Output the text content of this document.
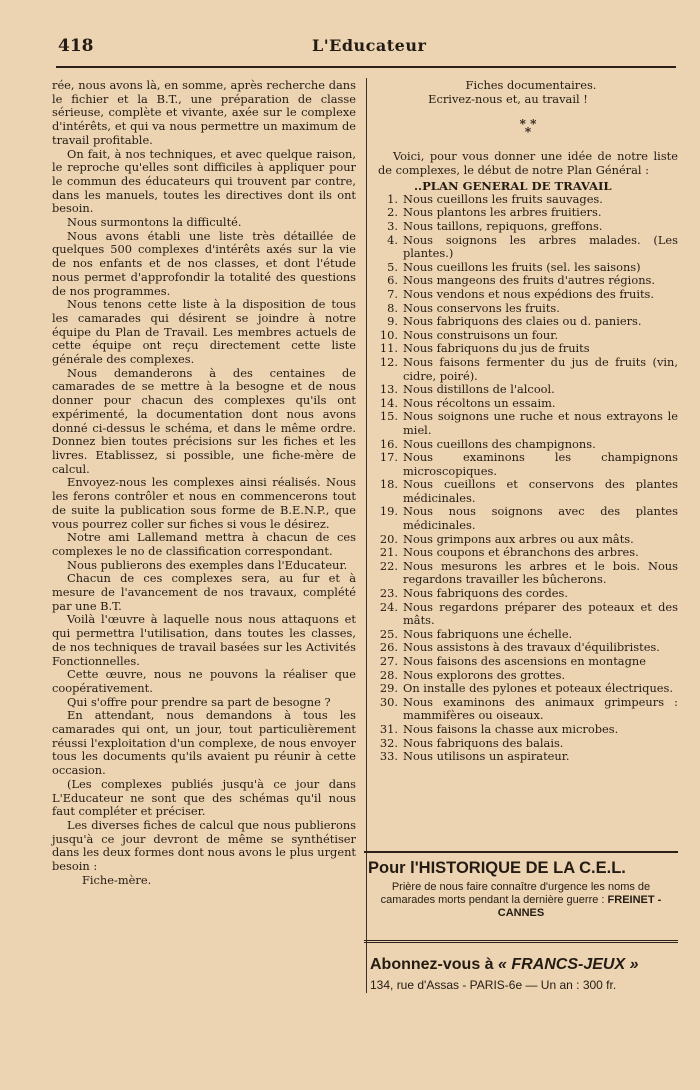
418	L'Educateur

rée, nous avons là, en somme, après recherche dans le fichier et la B.T., une préparation de classe sérieuse, complète et vivante, axée sur le complexe d'intérêts, et qui va nous permettre un maximum de travail profitable.

On fait, à nos techniques, et avec quelque raison, le reproche qu'elles sont difficiles à appliquer pour le commun des éducateurs qui trouvent par contre, dans les manuels, toutes les directives dont ils ont besoin.

Nous surmontons la difficulté.

Nous avons établi une liste très détaillée de quelques 500 complexes d'intérêts axés sur la vie de nos enfants et de nos classes, et dont l'étude nous permet d'approfondir la totalité des questions de nos programmes.

Nous tenons cette liste à la disposition de tous les camarades qui désirent se joindre à notre équipe du Plan de Travail. Les membres actuels de cette équipe ont reçu directement cette liste générale des complexes.

Nous demanderons à des centaines de camarades de se mettre à la besogne et de nous donner pour chacun des complexes qu'ils ont expérimenté, la documentation dont nous avons donné ci-dessus le schéma, et dans le même ordre. Donnez bien toutes précisions sur les fiches et les livres. Etablissez, si possible, une fiche-mère de calcul.

Envoyez-nous les complexes ainsi réalisés. Nous les ferons contrôler et nous en commencerons tout de suite la publication sous forme de B.E.N.P., que vous pourrez coller sur fiches si vous le désirez.

Notre ami Lallemand mettra à chacun de ces complexes le no de classification correspondant.

Nous publierons des exemples dans l'Educateur.

Chacun de ces complexes sera, au fur et à mesure de l'avancement de nos travaux, complété par une B.T.

Voilà l'œuvre à laquelle nous nous attaquons et qui permettra l'utilisation, dans toutes les classes, de nos techniques de travail basées sur les Activités Fonctionnelles.

Cette œuvre, nous ne pouvons la réaliser que coopérativement.

Qui s'offre pour prendre sa part de besogne ?

En attendant, nous demandons à tous les camarades qui ont, un jour, tout particulièrement réussi l'exploitation d'un complexe, de nous envoyer tous les documents qu'ils avaient pu réunir à cette occasion.

(Les complexes publiés jusqu'à ce jour dans L'Educateur ne sont que des schémas qu'il nous faut compléter et préciser.

Les diverses fiches de calcul que nous publierons jusqu'à ce jour devront de même se synthétiser dans les deux formes dont nous avons le plus urgent besoin :

Fiche-mère.

Fiches documentaires.

Ecrivez-nous et, au travail !

* *
*

Voici, pour vous donner une idée de notre liste de complexes, le début de notre Plan Général :

..PLAN GENERAL DE TRAVAIL
1. Nous cueillons les fruits sauvages.
2. Nous plantons les arbres fruitiers.
3. Nous taillons, repiquons, greffons.
4. Nous soignons les arbres malades. (Les plantes.)
5. Nous cueillons les fruits (sel. les saisons)
6. Nous mangeons des fruits d'autres régions.
7. Nous vendons et nous expédions des fruits.
8. Nous conservons les fruits.
9. Nous fabriquons des claies ou d. paniers.
10. Nous construisons un four.
11. Nous fabriquons du jus de fruits
12. Nous faisons fermenter du jus de fruits (vin, cidre, poiré).
13. Nous distillons de l'alcool.
14. Nous récoltons un essaim.
15. Nous soignons une ruche et nous extrayons le miel.
16. Nous cueillons des champignons.
17. Nous examinons les champignons microscopiques.
18. Nous cueillons et conservons des plantes médicinales.
19. Nous nous soignons avec des plantes médicinales.
20. Nous grimpons aux arbres ou aux mâts.
21. Nous coupons et ébranchons des arbres.
22. Nous mesurons les arbres et le bois. Nous regardons travailler les bûcherons.
23. Nous fabriquons des cordes.
24. Nous regardons préparer des poteaux et des mâts.
25. Nous fabriquons une échelle.
26. Nous assistons à des travaux d'équilibristes.
27. Nous faisons des ascensions en montagne
28. Nous explorons des grottes.
29. On installe des pylones et poteaux électriques.
30. Nous examinons des animaux grimpeurs : mammifères ou oiseaux.
31. Nous faisons la chasse aux microbes.
32. Nous fabriquons des balais.
33. Nous utilisons un aspirateur.
Pour l'HISTORIQUE DE LA C.E.L.
Prière de nous faire connaître d'urgence les noms de camarades morts pendant la dernière guerre : FREINET - CANNES
Abonnez-vous à « FRANCS-JEUX »
134, rue d'Assas - PARIS-6e — Un an : 300 fr.
